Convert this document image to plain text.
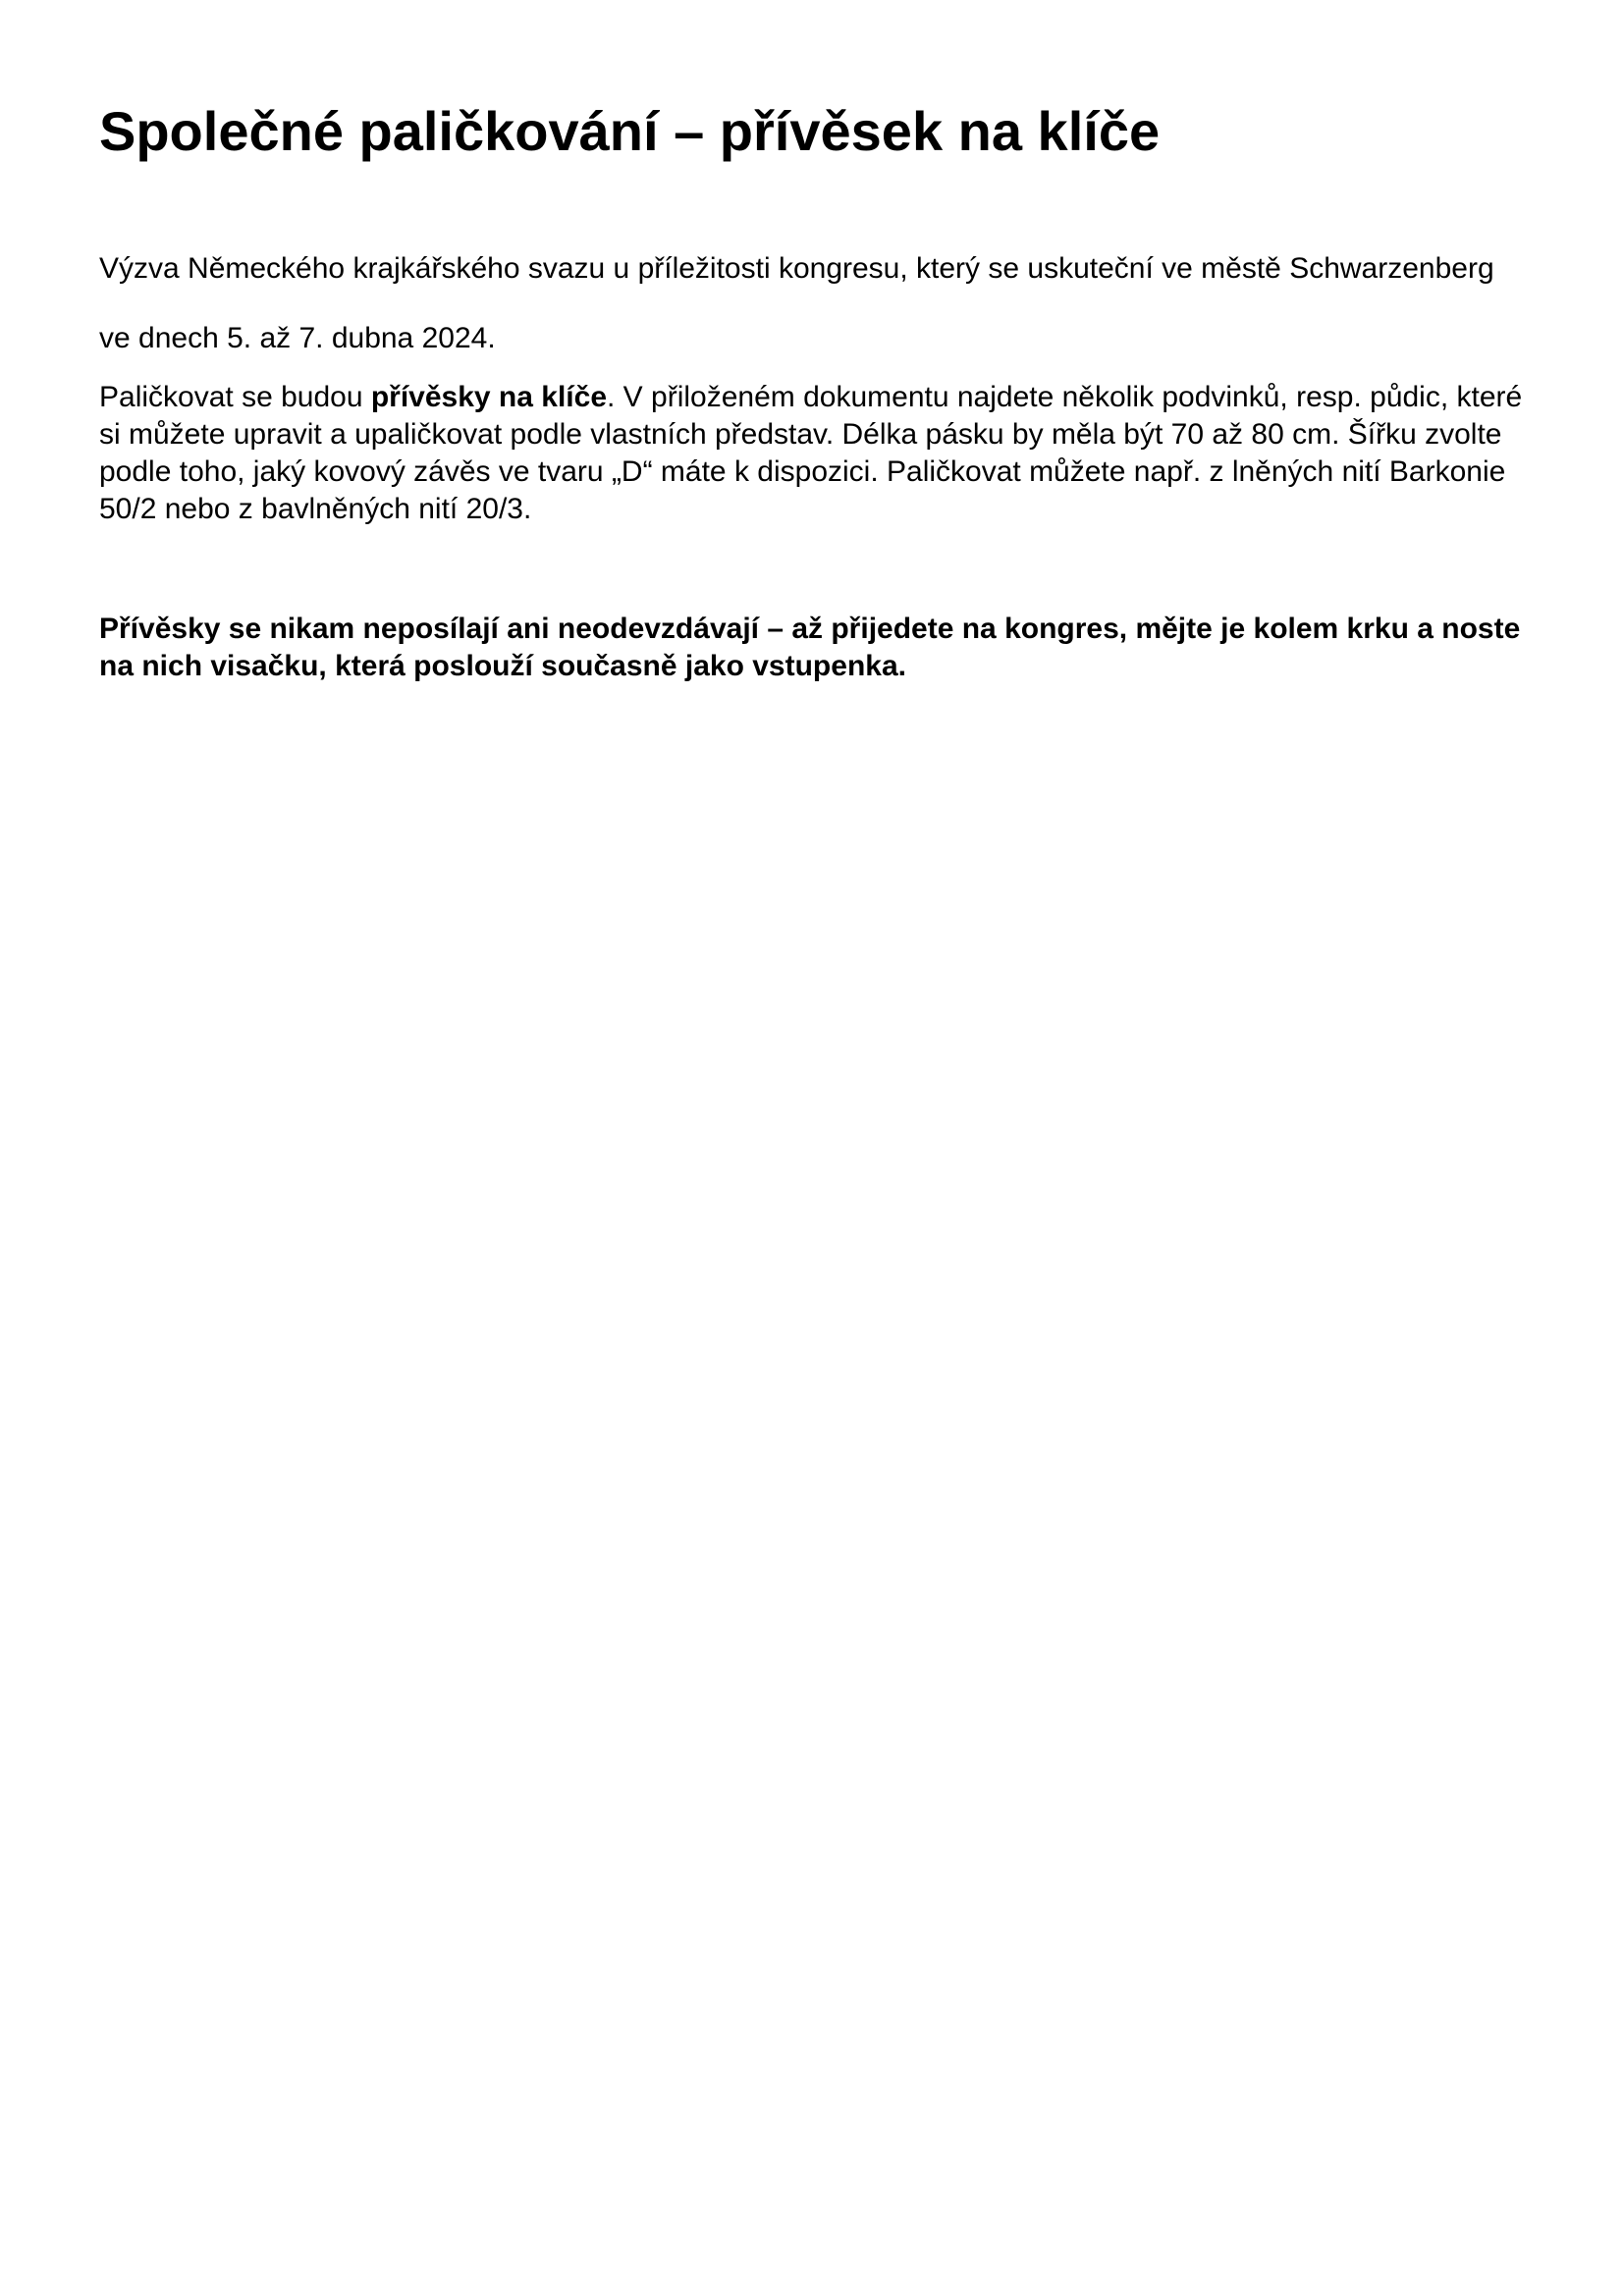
Společné paličkování – přívěsek na klíče

Výzva Německého krajkářského svazu u příležitosti kongresu, který se uskuteční ve městě Schwarzenberg

ve dnech 5. až 7. dubna 2024.

Paličkovat se budou přívěsky na klíče. V přiloženém dokumentu najdete několik podvinků, resp. půdic, které si můžete upravit a upaličkovat podle vlastních představ. Délka pásku by měla být 70 až 80 cm. Šířku zvolte podle toho, jaký kovový závěs ve tvaru „D“ máte k dispozici. Paličkovat můžete např. z lněných nití Barkonie 50/2 nebo z bavlněných nití 20/3.

Přívěsky se nikam neposílají ani neodevzdávají – až přijedete na kongres, mějte je kolem krku a noste na nich visačku, která poslouží současně jako vstupenka.
